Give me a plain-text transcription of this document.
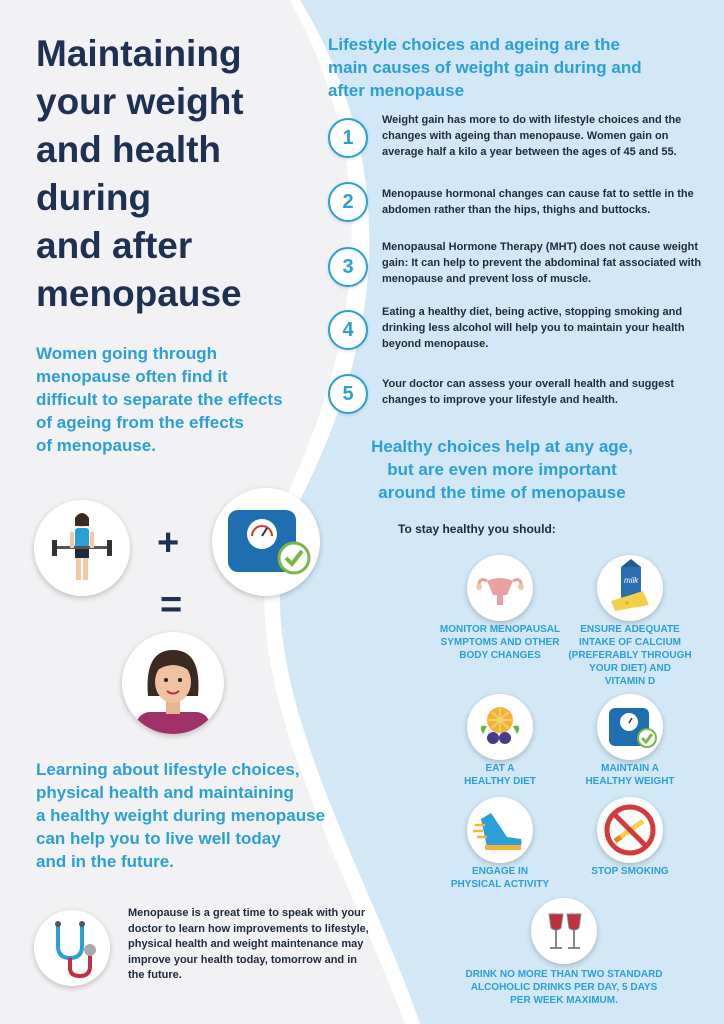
Maintaining
your weight
and health
during
and after
menopause
Women going through
menopause often find it
difficult to separate the effects
of ageing from the effects
of menopause.
+
=
Learning about lifestyle choices,
physical health and maintaining
a healthy weight during menopause
can help you to live well today
and in the future.
Menopause is a great time to speak with your doctor to learn how improvements to lifestyle, physical health and weight maintenance may improve your health today, tomorrow and in the future.
Lifestyle choices and ageing are the
main causes of weight gain during and
after menopause
1
Weight gain has more to do with lifestyle choices and the changes with ageing than menopause. Women gain on average half a kilo a year between the ages of 45 and 55.
2	Menopause hormonal changes can cause fat to settle in the abdomen rather than the hips, thighs and buttocks.
3
Menopausal Hormone Therapy (MHT) does not cause weight gain: It can help to prevent the abdominal fat associated with menopause and prevent loss of muscle.
4
Eating a healthy diet, being active, stopping smoking and drinking less alcohol will help you to maintain your health beyond menopause.
5	Your doctor can assess your overall health and suggest changes to improve your lifestyle and health.
Healthy choices help at any age,
but are even more important
around the time of menopause
To stay healthy you should:
MONITOR MENOPAUSAL
SYMPTOMS AND OTHER
BODY CHANGES
milk
ENSURE ADEQUATE
INTAKE OF CALCIUM
(PREFERABLY THROUGH
YOUR DIET) AND
VITAMIN D
EAT A
HEALTHY DIET
MAINTAIN A
HEALTHY WEIGHT
ENGAGE IN
PHYSICAL ACTIVITY
STOP SMOKING
DRINK NO MORE THAN TWO STANDARD
ALCOHOLIC DRINKS PER DAY, 5 DAYS
PER WEEK MAXIMUM.
